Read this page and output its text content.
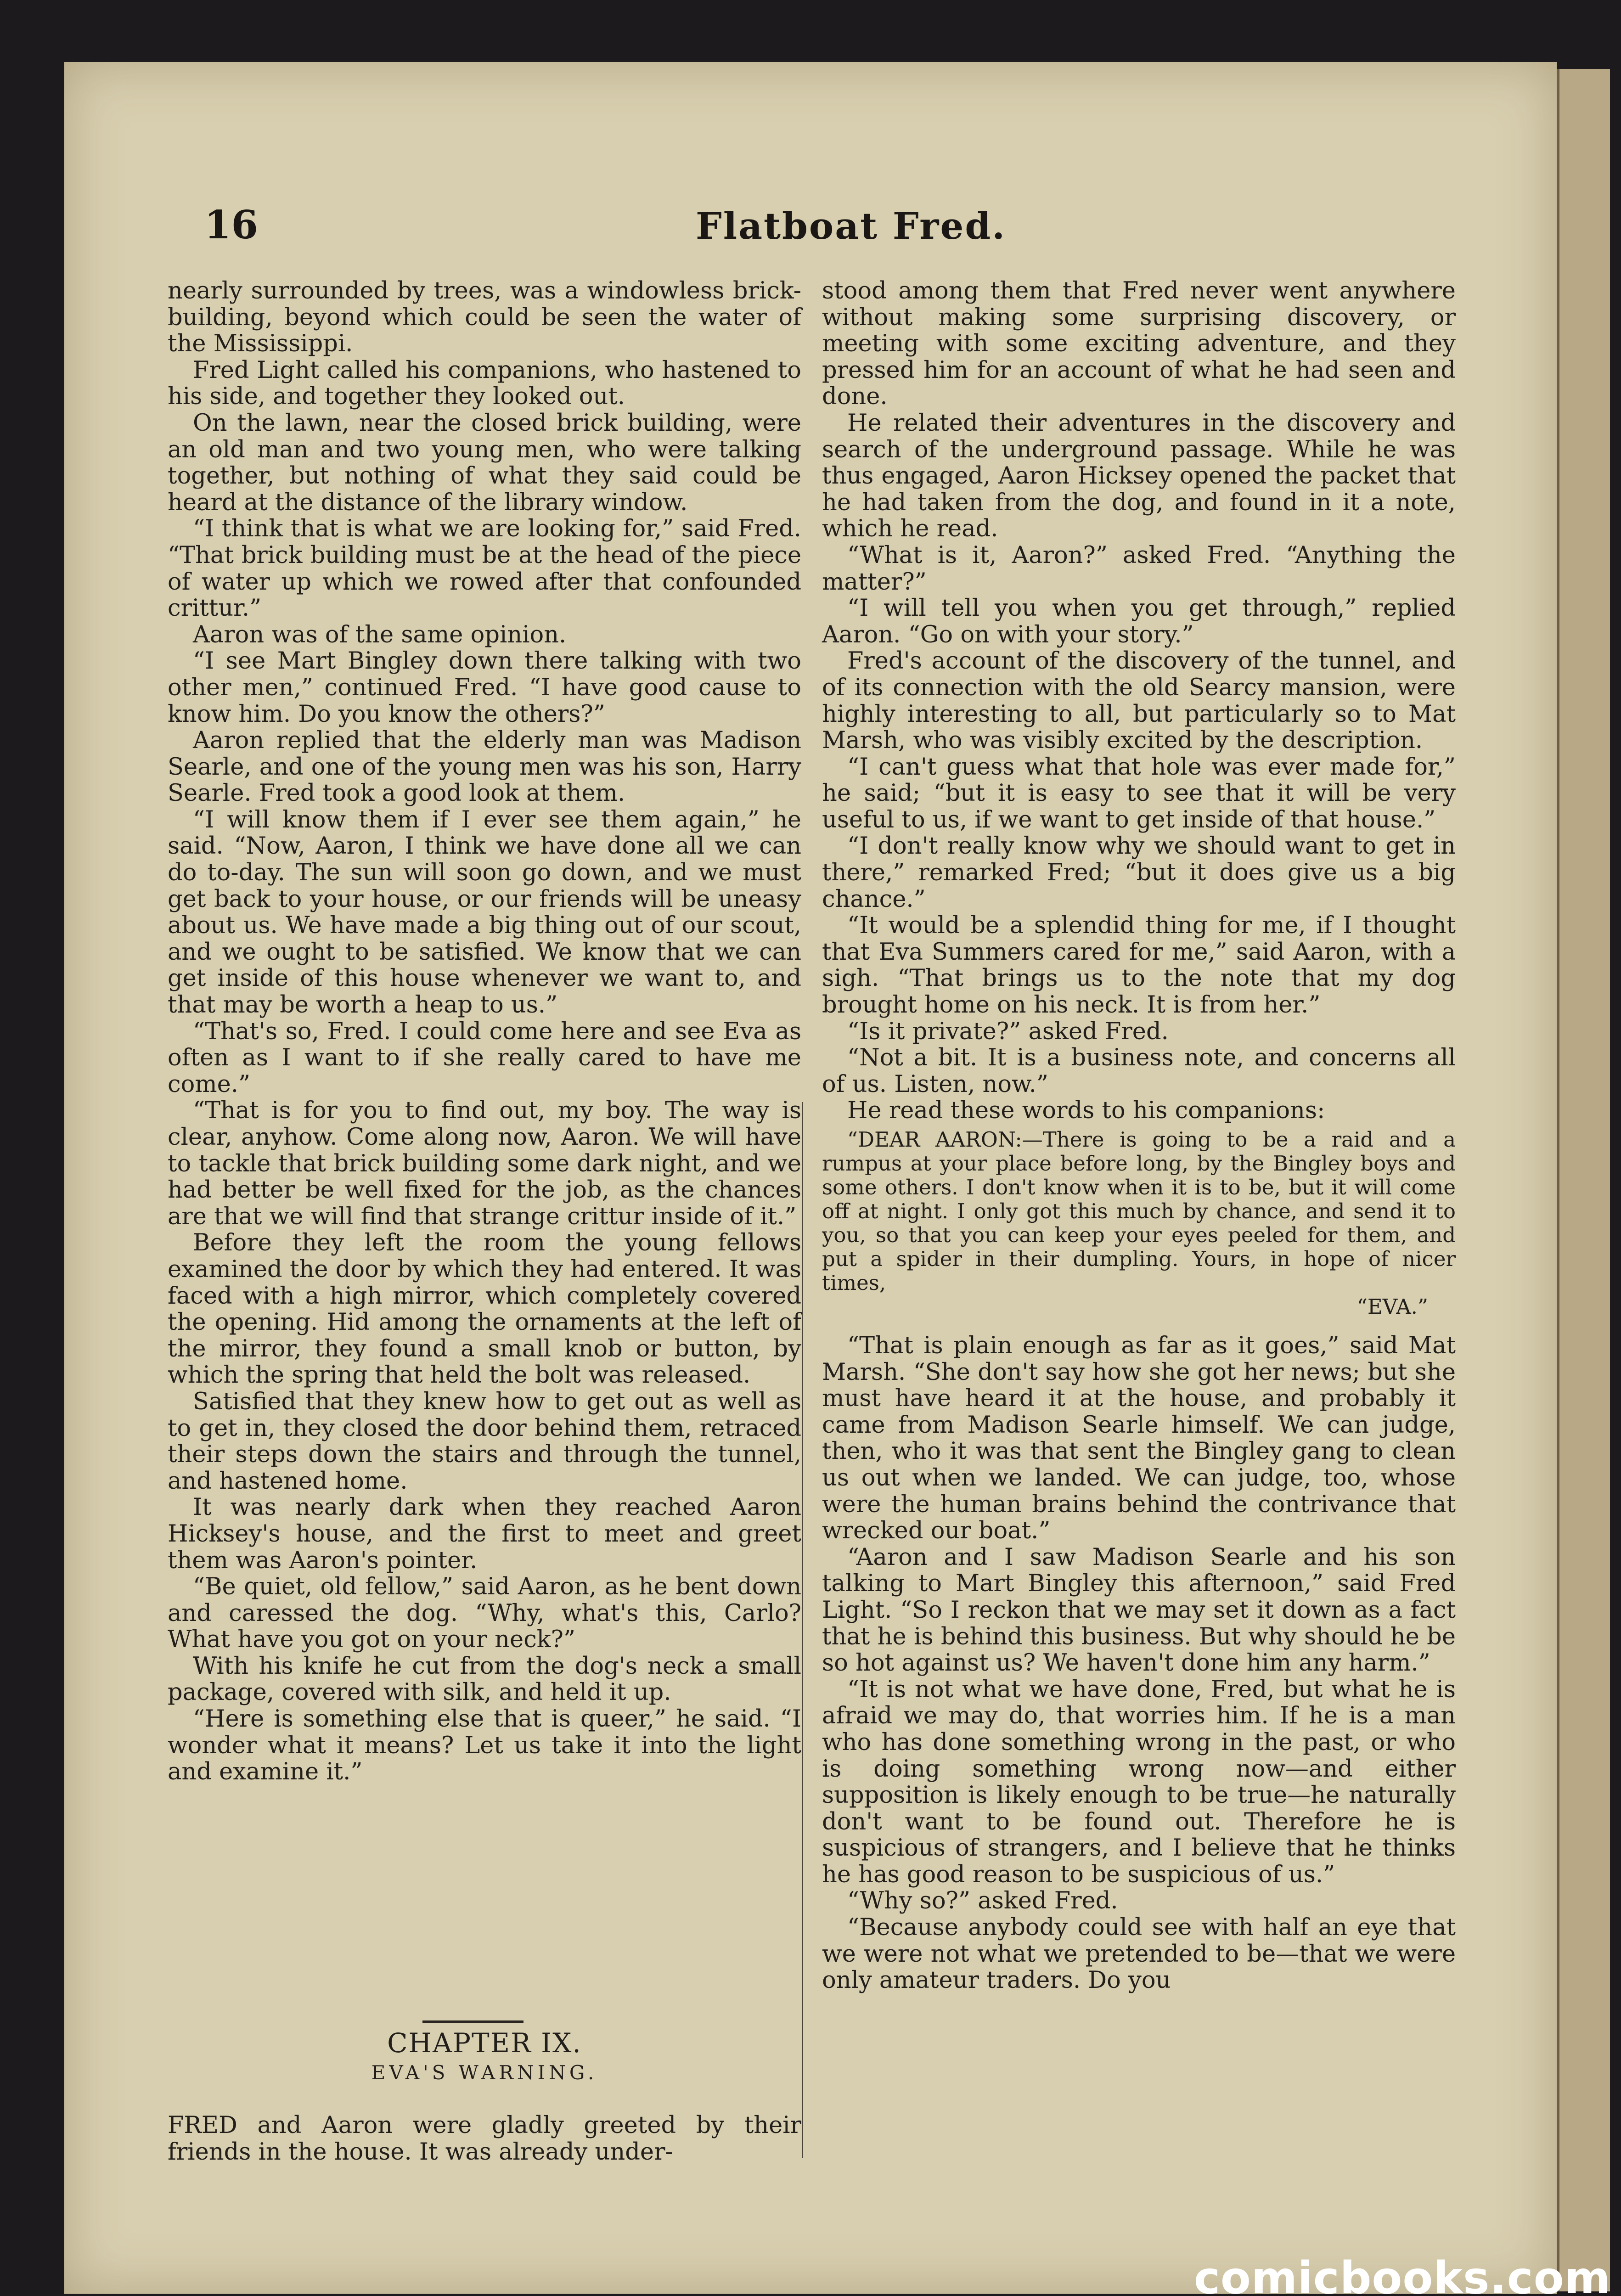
16	Flatboat Fred.

nearly surrounded by trees, was a windowless brick-building, beyond which could be seen the water of the Mississippi.

Fred Light called his companions, who hastened to his side, and together they looked out.

On the lawn, near the closed brick building, were an old man and two young men, who were talking together, but nothing of what they said could be heard at the distance of the library window.

“I think that is what we are looking for,” said Fred. “That brick building must be at the head of the piece of water up which we rowed after that confounded crittur.”

Aaron was of the same opinion.

“I see Mart Bingley down there talking with two other men,” continued Fred. “I have good cause to know him. Do you know the others?”

Aaron replied that the elderly man was Madison Searle, and one of the young men was his son, Harry Searle. Fred took a good look at them.

“I will know them if I ever see them again,” he said. “Now, Aaron, I think we have done all we can do to-day. The sun will soon go down, and we must get back to your house, or our friends will be uneasy about us. We have made a big thing out of our scout, and we ought to be satisfied. We know that we can get inside of this house whenever we want to, and that may be worth a heap to us.”

“That's so, Fred. I could come here and see Eva as often as I want to if she really cared to have me come.”

“That is for you to find out, my boy. The way is clear, anyhow. Come along now, Aaron. We will have to tackle that brick building some dark night, and we had better be well fixed for the job, as the chances are that we will find that strange crittur inside of it.”

Before they left the room the young fellows examined the door by which they had entered. It was faced with a high mirror, which completely covered the opening. Hid among the ornaments at the left of the mirror, they found a small knob or button, by which the spring that held the bolt was released.

Satisfied that they knew how to get out as well as to get in, they closed the door behind them, retraced their steps down the stairs and through the tunnel, and hastened home.

It was nearly dark when they reached Aaron Hicksey's house, and the first to meet and greet them was Aaron's pointer.

“Be quiet, old fellow,” said Aaron, as he bent down and caressed the dog. “Why, what's this, Carlo? What have you got on your neck?”

With his knife he cut from the dog's neck a small package, covered with silk, and held it up.

“Here is something else that is queer,” he said. “I wonder what it means? Let us take it into the light and examine it.”

CHAPTER IX.
EVA'S WARNING.

FRED and Aaron were gladly greeted by their friends in the house. It was already under-

stood among them that Fred never went anywhere without making some surprising discovery, or meeting with some exciting adventure, and they pressed him for an account of what he had seen and done.

He related their adventures in the discovery and search of the underground passage. While he was thus engaged, Aaron Hicksey opened the packet that he had taken from the dog, and found in it a note, which he read.

“What is it, Aaron?” asked Fred. “Anything the matter?”

“I will tell you when you get through,” replied Aaron. “Go on with your story.”

Fred's account of the discovery of the tunnel, and of its connection with the old Searcy mansion, were highly interesting to all, but particularly so to Mat Marsh, who was visibly excited by the description.

“I can't guess what that hole was ever made for,” he said; “but it is easy to see that it will be very useful to us, if we want to get inside of that house.”

“I don't really know why we should want to get in there,” remarked Fred; “but it does give us a big chance.”

“It would be a splendid thing for me, if I thought that Eva Summers cared for me,” said Aaron, with a sigh. “That brings us to the note that my dog brought home on his neck. It is from her.”

“Is it private?” asked Fred.

“Not a bit. It is a business note, and concerns all of us. Listen, now.”

He read these words to his companions:

“DEAR AARON:—There is going to be a raid and a rumpus at your place before long, by the Bingley boys and some others. I don't know when it is to be, but it will come off at night. I only got this much by chance, and send it to you, so that you can keep your eyes peeled for them, and put a spider in their dumpling. Yours, in hope of nicer times,

“EVA.”

“That is plain enough as far as it goes,” said Mat Marsh. “She don't say how she got her news; but she must have heard it at the house, and probably it came from Madison Searle himself. We can judge, then, who it was that sent the Bingley gang to clean us out when we landed. We can judge, too, whose were the human brains behind the contrivance that wrecked our boat.”

“Aaron and I saw Madison Searle and his son talking to Mart Bingley this afternoon,” said Fred Light. “So I reckon that we may set it down as a fact that he is behind this business. But why should he be so hot against us? We haven't done him any harm.”

“It is not what we have done, Fred, but what he is afraid we may do, that worries him. If he is a man who has done something wrong in the past, or who is doing something wrong now—and either supposition is likely enough to be true—he naturally don't want to be found out. Therefore he is suspicious of strangers, and I believe that he thinks he has good reason to be suspicious of us.”

“Why so?” asked Fred.

“Because anybody could see with half an eye that we were not what we pretended to be—that we were only amateur traders. Do you

comicbooks.com
